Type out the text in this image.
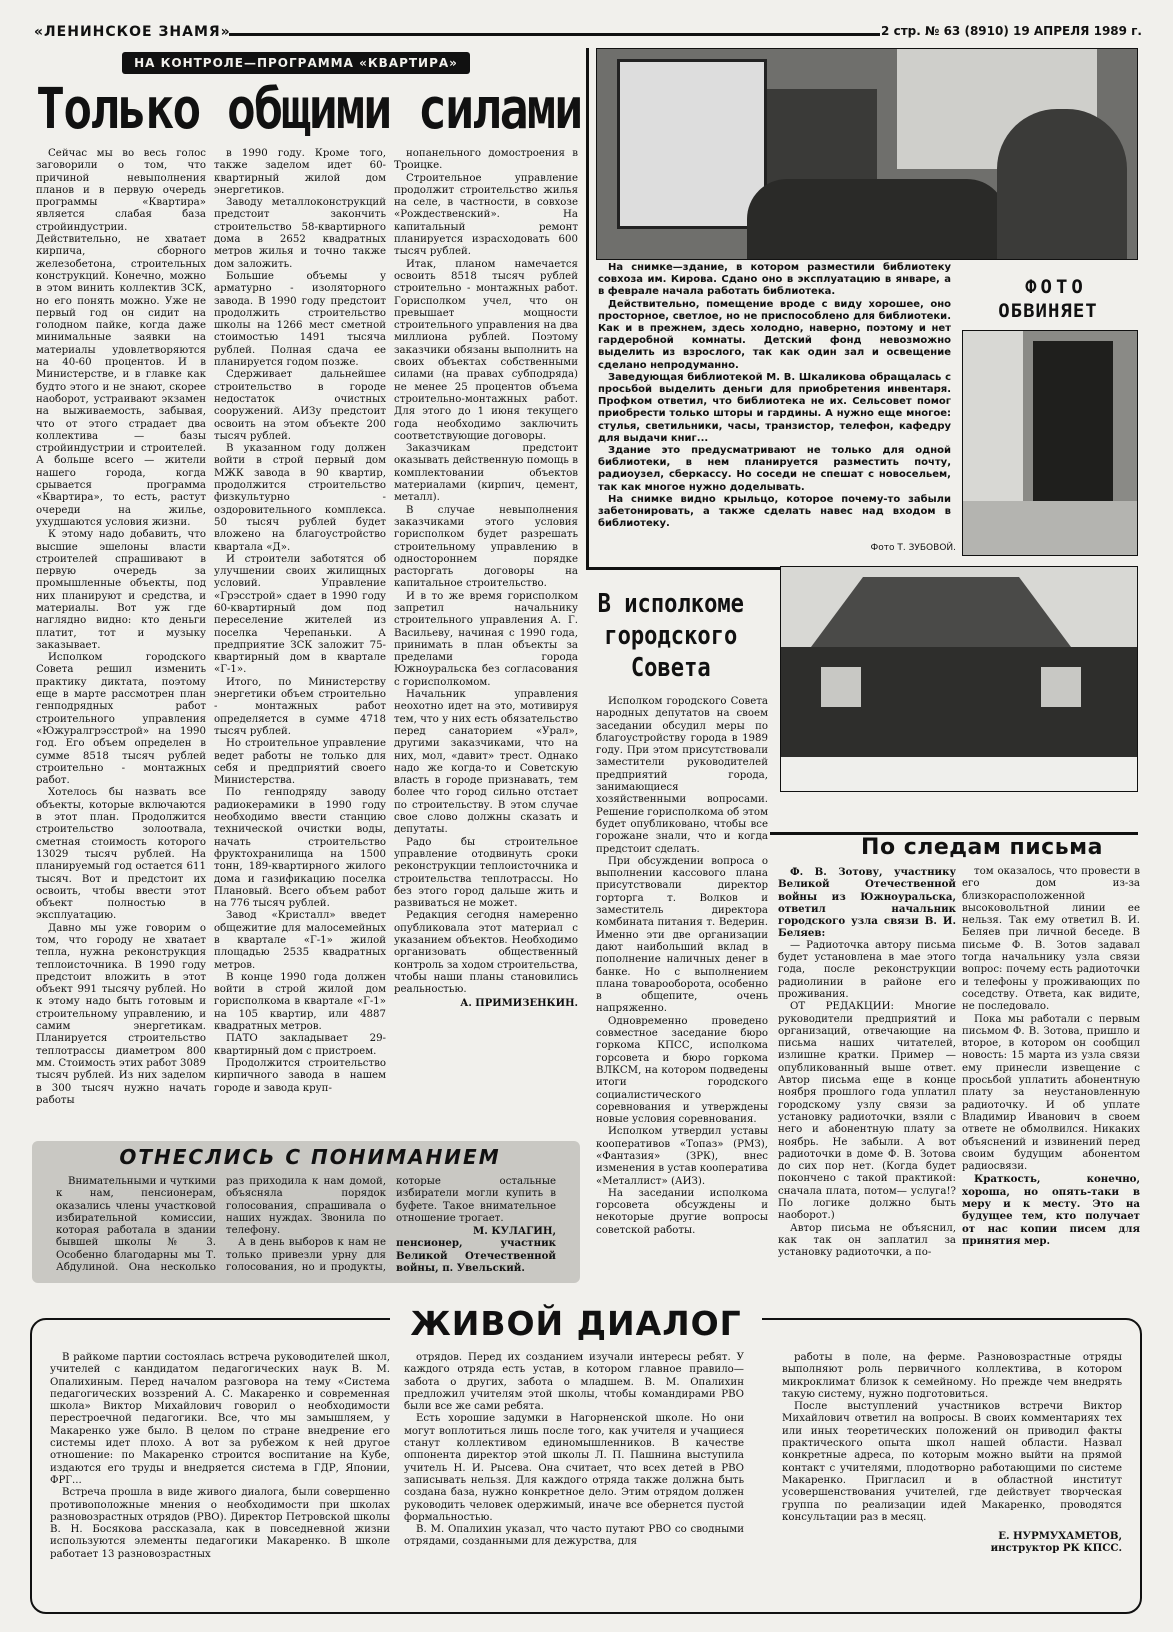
«ЛЕНИНСКОЕ ЗНАМЯ»	2 стр. № 63 (8910) 19 АПРЕЛЯ 1989 г.
НА КОНТРОЛЕ—ПРОГРАММА «КВАРТИРА»
Только общими силами

Сейчас мы во весь голос заговорили о том, что причиной невыполнения планов и в первую очередь программы «Квартира» является слабая база стройиндустрии. Действительно, не хватает кирпича, сборного железобетона, строительных конструкций. Конечно, можно в этом винить коллектив ЗСК, но его понять можно. Уже не первый год он сидит на голодном пайке, когда даже минимальные заявки на материалы удовлетворяются на 40-60 процентов. И в Министерстве, и в главке как будто этого и не знают, скорее наоборот, устраивают экзамен на выживаемость, забывая, что от этого страдает два коллектива — базы стройиндустрии и строителей. А больше всего — жители нашего города, когда срывается программа «Квартира», то есть, растут очереди на жилье, ухудшаются условия жизни.

К этому надо добавить, что высшие эшелоны власти строителей спрашивают в первую очередь за промышленные объекты, под них планируют и средства, и материалы. Вот уж где наглядно видно: кто деньги платит, тот и музыку заказывает.

Исполком городского Совета решил изменить практику диктата, поэтому еще в марте рассмотрен план генподрядных работ строительного управления «Южуралгрэсстрой» на 1990 год. Его объем определен в сумме 8518 тысяч рублей строительно - монтажных работ.

Хотелось бы назвать все объекты, которые включаются в этот план. Продолжится строительство золоотвала, сметная стоимость которого 13029 тысяч рублей. На планируемый год остается 611 тысяч. Вот и предстоит их освоить, чтобы ввести этот объект полностью в эксплуатацию.

Давно мы уже говорим о том, что городу не хватает тепла, нужна реконструкция теплоисточника. В 1990 году предстоит вложить в этот объект 991 тысячу рублей. Но к этому надо быть готовым и строительному управлению, и самим энергетикам. Планируется строительство теплотрассы диаметром 800 мм. Стоимость этих работ 3089 тысяч рублей. Из них заделом в 300 тысяч нужно начать работы

в 1990 году. Кроме того, также заделом идет 60-квартирный жилой дом энергетиков.

Заводу металлоконструкций предстоит закончить строительство 58-квартирного дома в 2652 квадратных метров жилья и точно также дом заложить.

Большие объемы у арматурно - изоляторного завода. В 1990 году предстоит продолжить строительство школы на 1266 мест сметной стоимостью 1491 тысяча рублей. Полная сдача ее планируется годом позже.

Сдерживает дальнейшее строительство в городе недостаток очистных сооружений. АИЗу предстоит освоить на этом объекте 200 тысяч рублей.

В указанном году должен войти в строй первый дом МЖК завода в 90 квартир, продолжится строительство физкультурно - оздоровительного комплекса. 50 тысяч рублей будет вложено на благоустройство квартала «Д».

И строители заботятся об улучшении своих жилищных условий. Управление «Грэсстрой» сдает в 1990 году 60-квартирный дом под переселение жителей из поселка Черепаньки. А предприятие ЗСК заложит 75-квартирный дом в квартале «Г-1».

Итого, по Министерству энергетики объем строительно - монтажных работ определяется в сумме 4718 тысяч рублей.

Но строительное управление ведет работы не только для себя и предприятий своего Министерства.

По генподряду заводу радиокерамики в 1990 году необходимо ввести станцию технической очистки воды, начать строительство фруктохранилища на 1500 тонн, 189-квартирного жилого дома и газификацию поселка Плановый. Всего объем работ на 776 тысяч рублей.

Завод «Кристалл» введет общежитие для малосемейных в квартале «Г-1» жилой площадью 2535 квадратных метров.

В конце 1990 года должен войти в строй жилой дом горисполкома в квартале «Г-1» на 105 квартир, или 4887 квадратных метров.

ПАТО закладывает 29-квартирный дом с пристроем.

Продолжится строительство кирпичного завода в нашем городе и завода круп-

нопанельного домостроения в Троицке.

Строительное управление продолжит строительство жилья на селе, в частности, в совхозе «Рождественский». На капитальный ремонт планируется израсходовать 600 тысяч рублей.

Итак, планом намечается освоить 8518 тысяч рублей строительно - монтажных работ. Горисполком учел, что он превышает мощности строительного управления на два миллиона рублей. Поэтому заказчики обязаны выполнить на своих объектах собственными силами (на правах субподряда) не менее 25 процентов объема строительно-монтажных работ. Для этого до 1 июня текущего года необходимо заключить соответствующие договоры.

Заказчикам предстоит оказывать действенную помощь в комплектовании объектов материалами (кирпич, цемент, металл).

В случае невыполнения заказчиками этого условия горисполком будет разрешать строительному управлению в одностороннем порядке расторгать договоры на капитальное строительство.

И в то же время горисполком запретил начальнику строительного управления А. Г. Васильеву, начиная с 1990 года, принимать в план объекты за пределами города Южноуральска без согласования с горисполкомом.

Начальник управления неохотно идет на это, мотивируя тем, что у них есть обязательство перед санаторием «Урал», другими заказчиками, что на них, мол, «давит» трест. Однако надо же когда-то и Советскую власть в городе признавать, тем более что город сильно отстает по строительству. В этом случае свое слово должны сказать и депутаты.

Радо бы строительное управление отодвинуть сроки реконструкции теплоисточника и строительства теплотрассы. Но без этого город дальше жить и развиваться не может.

Редакция сегодня намеренно опубликовала этот материал с указанием объектов. Необходимо организовать общественный контроль за ходом строительства, чтобы наши планы становились реальностью.

А. ПРИМИЗЕНКИН.

На снимке—здание, в котором разместили библиотеку совхоза им. Кирова. Сдано оно в эксплуатацию в январе, а в феврале начала работать библиотека.

Действительно, помещение вроде с виду хорошее, оно просторное, светлое, но не приспособлено для библиотеки. Как и в прежнем, здесь холодно, наверно, поэтому и нет гардеробной комнаты. Детский фонд невозможно выделить из взрослого, так как один зал и освещение сделано непродуманно.

Заведующая библиотекой М. В. Шкаликова обращалась с просьбой выделить деньги для приобретения инвентаря. Профком ответил, что библиотека не их. Сельсовет помог приобрести только шторы и гардины. А нужно еще многое: стулья, светильники, часы, транзистор, телефон, кафедру для выдачи книг...

Здание это предусматривают не только для одной библиотеки, в нем планируется разместить почту, радиоузел, сберкассу. Но соседи не спешат с новосельем, так как многое нужно доделывать.

На снимке видно крыльцо, которое почему-то забыли забетонировать, а также сделать навес над входом в библиотеку.

Фото Т. ЗУБОВОЙ.
ФОТО
ОБВИНЯЕТ
В исполкоме
городского
Совета

Исполком городского Совета народных депутатов на своем заседании обсудил меры по благоустройству города в 1989 году. При этом присутствовали заместители руководителей предприятий города, занимающиеся хозяйственными вопросами. Решение горисполкома об этом будет опубликовано, чтобы все горожане знали, что и когда предстоит сделать.

При обсуждении вопроса о выполнении кассового плана присутствовали директор горторга т. Волков и заместитель директора комбината питания т. Ведерин. Именно эти две организации дают наибольший вклад в пополнение наличных денег в банке. Но с выполнением плана товарооборота, особенно в общепите, очень напряженно.

Одновременно проведено совместное заседание бюро горкома КПСС, исполкома горсовета и бюро горкома ВЛКСМ, на котором подведены итоги городского социалистического соревнования и утверждены новые условия соревнования.

Исполком утвердил уставы кооперативов «Топаз» (РМЗ), «Фантазия» (ЗРК), внес изменения в устав кооператива «Металлист» (АИЗ).

На заседании исполкома горсовета обсуждены и некоторые другие вопросы советской работы.

По следам письма

Ф. В. Зотову, участнику Великой Отечественной войны из Южноуральска, ответил начальник городского узла связи В. И. Беляев:

— Радиоточка автору письма будет установлена в мае этого года, после реконструкции радиолинии в районе его проживания.

ОТ РЕДАКЦИИ: Многие руководители предприятий и организаций, отвечающие на письма наших читателей, излишне кратки. Пример — опубликованный выше ответ. Автор письма еще в конце ноября прошлого года уплатил городскому узлу связи за установку радиоточки, взяли с него и абонентную плату за ноябрь. Не забыли. А вот радиоточки в доме Ф. В. Зотова до сих пор нет. (Когда будет покончено с такой практикой: сначала плата, потом— услуга!? По логике должно быть наоборот.)

Автор письма не объяснил, как так он заплатил за установку радиоточки, а по-

том оказалось, что провести в его дом из-за близкорасположенной высоковольтной линии ее нельзя. Так ему ответил В. И. Беляев при личной беседе. В письме Ф. В. Зотов задавал тогда начальнику узла связи вопрос: почему есть радиоточки и телефоны у проживающих по соседству. Ответа, как видите, не последовало.

Пока мы работали с первым письмом Ф. В. Зотова, пришло и второе, в котором он сообщил новость: 15 марта из узла связи ему принесли извещение с просьбой уплатить абонентную плату за неустановленную радиоточку. И об уплате Владимир Иванович в своем ответе не обмолвился. Никаких объяснений и извинений перед своим будущим абонентом радиосвязи.

Краткость, конечно, хороша, но опять-таки в меру и к месту. Это на будущее тем, кто получает от нас копии писем для принятия мер.

ОТНЕСЛИСЬ С ПОНИМАНИЕМ

Внимательными и чуткими к нам, пенсионерам, оказались члены участковой избирательной комиссии, которая работала в здании бывшей школы № 3. Особенно благодарны мы Т. Абдулиной. Она несколько раз приходила к нам домой, объясняла порядок голосования, спрашивала о наших нуждах. Звонила по телефону.

А в день выборов к нам не только привезли урну для голосования, но и продукты, которые остальные избиратели могли купить в буфете. Такое внимательное отношение трогает.

М. КУЛАГИН,
пенсионер, участник Великой Отечественной войны, п. Увельский.
ЖИВОЙ ДИАЛОГ

В райкоме партии состоялась встреча руководителей школ, учителей с кандидатом педагогических наук В. М. Опалихиным. Перед началом разговора на тему «Система педагогических воззрений А. С. Макаренко и современная школа» Виктор Михайлович говорил о необходимости перестроечной педагогики. Все, что мы замышляем, у Макаренко уже было. В целом по стране внедрение его системы идет плохо. А вот за рубежом к ней другое отношение: по Макаренко строится воспитание на Кубе, издаются его труды и внедряется система в ГДР, Японии, ФРГ...

Встреча прошла в виде живого диалога, были совершенно противоположные мнения о необходимости при школах разновозрастных отрядов (РВО). Директор Петровской школы В. Н. Босякова рассказала, как в повседневной жизни используются элементы педагогики Макаренко. В школе работает 13 разновозрастных

отрядов. Перед их созданием изучали интересы ребят. У каждого отряда есть устав, в котором главное правило— забота о других, забота о младшем. В. М. Опалихин предложил учителям этой школы, чтобы командирами РВО были все же сами ребята.

Есть хорошие задумки в Нагорненской школе. Но они могут воплотиться лишь после того, как учителя и учащиеся станут коллективом единомышленников. В качестве оппонента директор этой школы Л. П. Пашнина выступила учитель Н. И. Рысева. Она считает, что всех детей в РВО записывать нельзя. Для каждого отряда также должна быть создана база, нужно конкретное дело. Этим отрядом должен руководить человек одержимый, иначе все обернется пустой формальностью.

В. М. Опалихин указал, что часто путают РВО со сводными отрядами, созданными для дежурства, для

работы в поле, на ферме. Разновозрастные отряды выполняют роль первичного коллектива, в котором микроклимат близок к семейному. Но прежде чем внедрять такую систему, нужно подготовиться.

После выступлений участников встречи Виктор Михайлович ответил на вопросы. В своих комментариях тех или иных теоретических положений он приводил факты практического опыта школ нашей области. Назвал конкретные адреса, по которым можно выйти на прямой контакт с учителями, плодотворно работающими по системе Макаренко. Пригласил и в областной институт усовершенствования учителей, где действует творческая группа по реализации идей Макаренко, проводятся консультации раз в месяц.

Е. НУРМУХАМЕТОВ,
инструктор РК КПСС.
